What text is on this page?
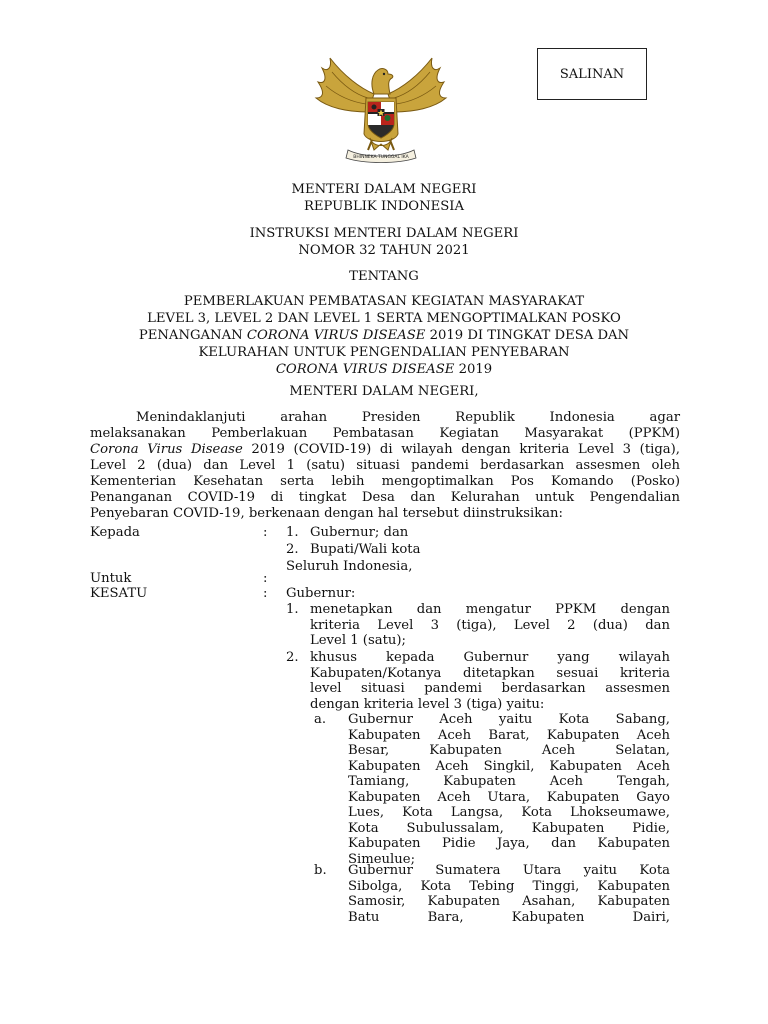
SALINAN
BHINNEKA TUNGGAL IKA
MENTERI DALAM NEGERI
REPUBLIK INDONESIA
INSTRUKSI MENTERI DALAM NEGERI
NOMOR 32 TAHUN 2021
TENTANG
PEMBERLAKUAN PEMBATASAN KEGIATAN MASYARAKAT
LEVEL 3, LEVEL 2 DAN LEVEL 1 SERTA MENGOPTIMALKAN POSKO
PENANGANAN CORONA VIRUS DISEASE 2019 DI TINGKAT DESA DAN
KELURAHAN UNTUK PENGENDALIAN PENYEBARAN
CORONA VIRUS DISEASE 2019
MENTERI DALAM NEGERI,

Menindaklanjuti arahan Presiden Republik Indonesia agar

melaksanakan Pemberlakuan Pembatasan Kegiatan Masyarakat (PPKM)

Corona Virus Disease 2019 (COVID-19) di wilayah dengan kriteria Level 3 (tiga),

Level 2 (dua) dan Level 1 (satu) situasi pandemi berdasarkan assesmen oleh

Kementerian Kesehatan serta lebih mengoptimalkan Pos Komando (Posko)

Penanganan COVID-19 di tingkat Desa dan Kelurahan untuk Pengendalian

Penyebaran COVID-19, berkenaan dengan hal tersebut diinstruksikan:

Kepada	: 1. Gubernur; dan
2. Bupati/Wali kota
Seluruh Indonesia,
Untuk	:
KESATU	: Gubernur:
1. menetapkan dan mengatur PPKM dengan
kriteria Level 3 (tiga), Level 2 (dua) dan
Level 1 (satu);
2. khusus kepada Gubernur yang wilayah
Kabupaten/Kotanya ditetapkan sesuai kriteria
level situasi pandemi berdasarkan assesmen
dengan kriteria level 3 (tiga) yaitu:
a. Gubernur Aceh yaitu Kota Sabang,
Kabupaten Aceh Barat, Kabupaten Aceh
Besar, Kabupaten Aceh Selatan,
Kabupaten Aceh Singkil, Kabupaten Aceh
Tamiang, Kabupaten Aceh Tengah,
Kabupaten Aceh Utara, Kabupaten Gayo
Lues, Kota Langsa, Kota Lhokseumawe,
Kota Subulussalam, Kabupaten Pidie,
Kabupaten Pidie Jaya, dan Kabupaten
Simeulue;
b. Gubernur Sumatera Utara yaitu Kota
Sibolga, Kota Tebing Tinggi, Kabupaten
Samosir, Kabupaten Asahan, Kabupaten
Batu Bara, Kabupaten Dairi,
